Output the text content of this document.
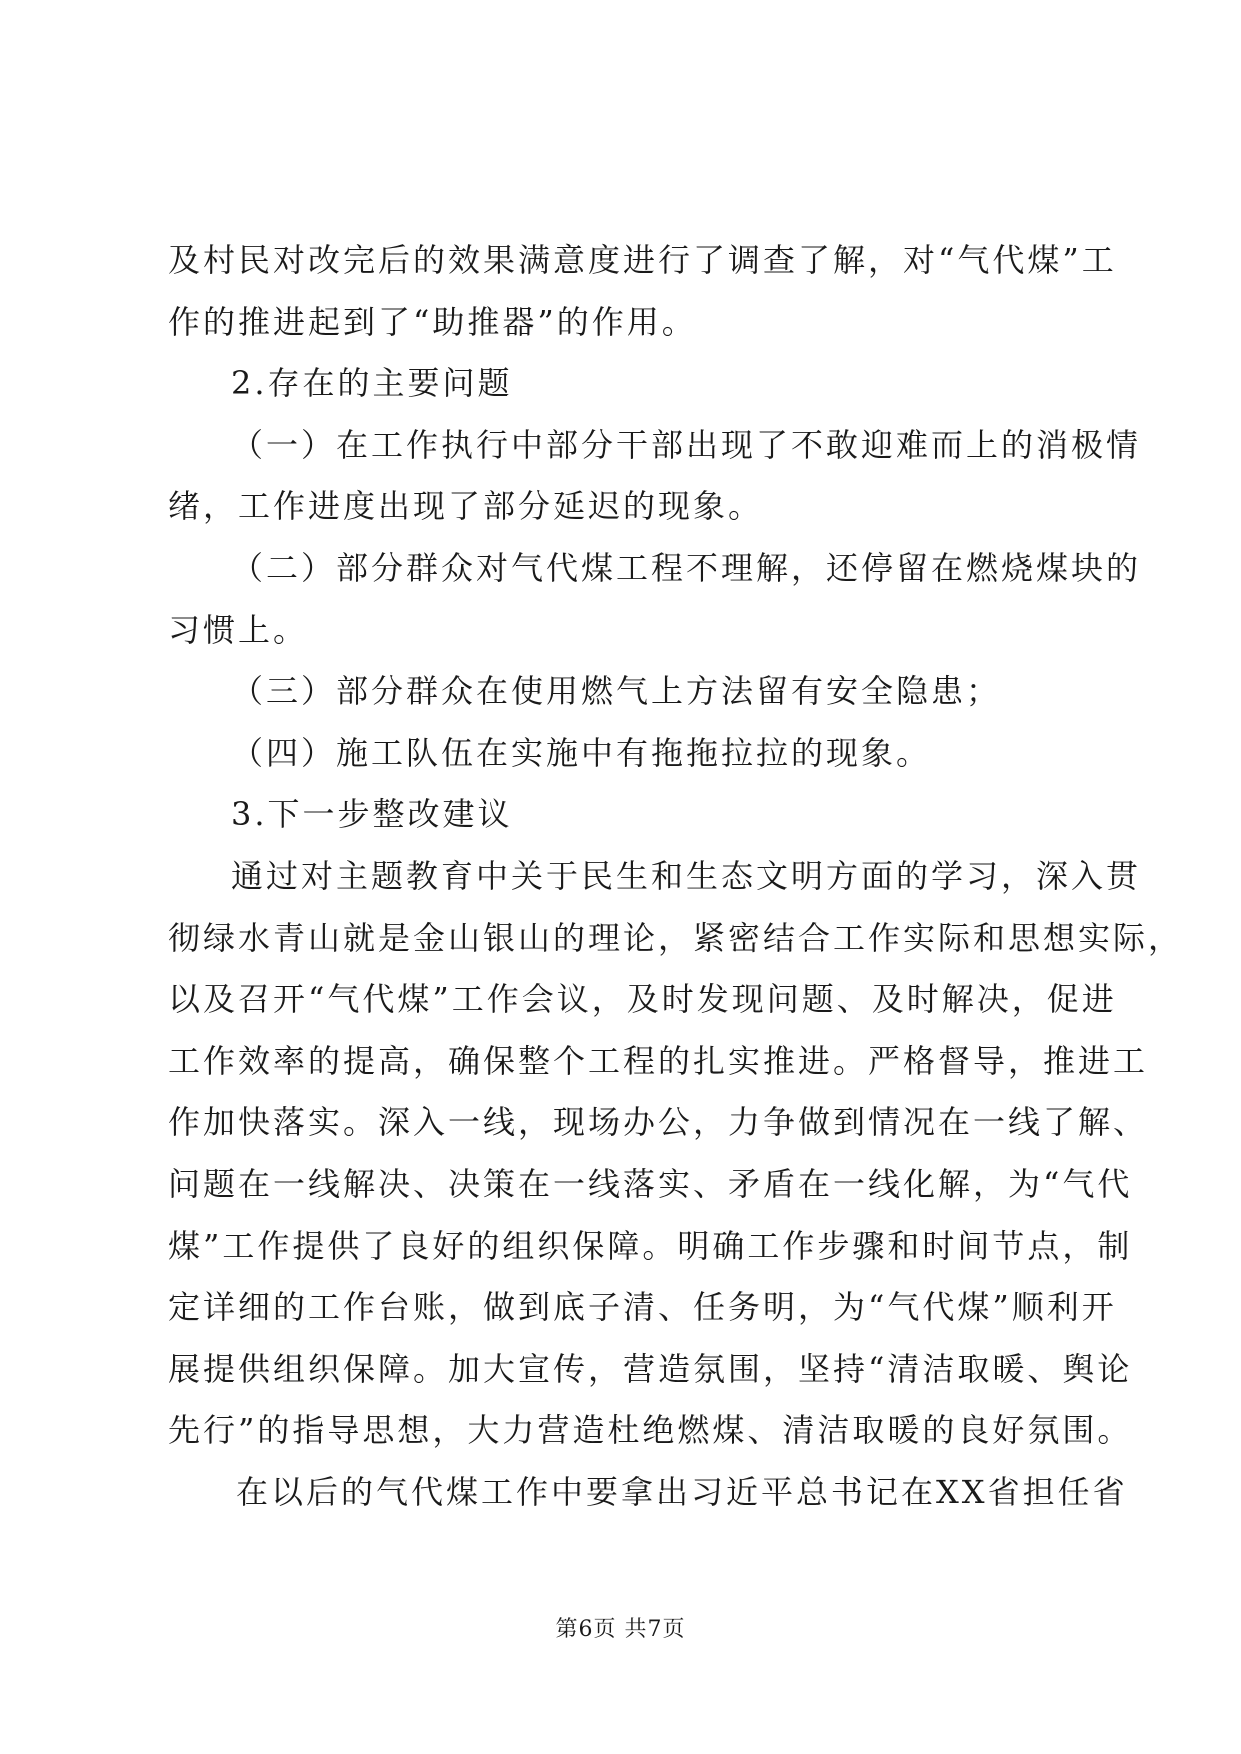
及村民对改完后的效果满意度进行了调查了解，对“气代煤”工
作的推进起到了“助推器”的作用。
2.存在的主要问题
（一）在工作执行中部分干部出现了不敢迎难而上的消极情
绪，工作进度出现了部分延迟的现象。
（二）部分群众对气代煤工程不理解，还停留在燃烧煤块的
习惯上。
（三）部分群众在使用燃气上方法留有安全隐患；
（四）施工队伍在实施中有拖拖拉拉的现象。
3.下一步整改建议
通过对主题教育中关于民生和生态文明方面的学习，深入贯
彻绿水青山就是金山银山的理论，紧密结合工作实际和思想实际，
以及召开“气代煤”工作会议，及时发现问题、及时解决，促进
工作效率的提高，确保整个工程的扎实推进。严格督导，推进工
作加快落实。深入一线，现场办公，力争做到情况在一线了解、
问题在一线解决、决策在一线落实、矛盾在一线化解，为“气代
煤”工作提供了良好的组织保障。明确工作步骤和时间节点，制
定详细的工作台账，做到底子清、任务明，为“气代煤”顺利开
展提供组织保障。加大宣传，营造氛围，坚持“清洁取暖、舆论
先行”的指导思想，大力营造杜绝燃煤、清洁取暖的良好氛围。
在以后的气代煤工作中要拿出习近平总书记在XX省担任省
第6页 共7页
